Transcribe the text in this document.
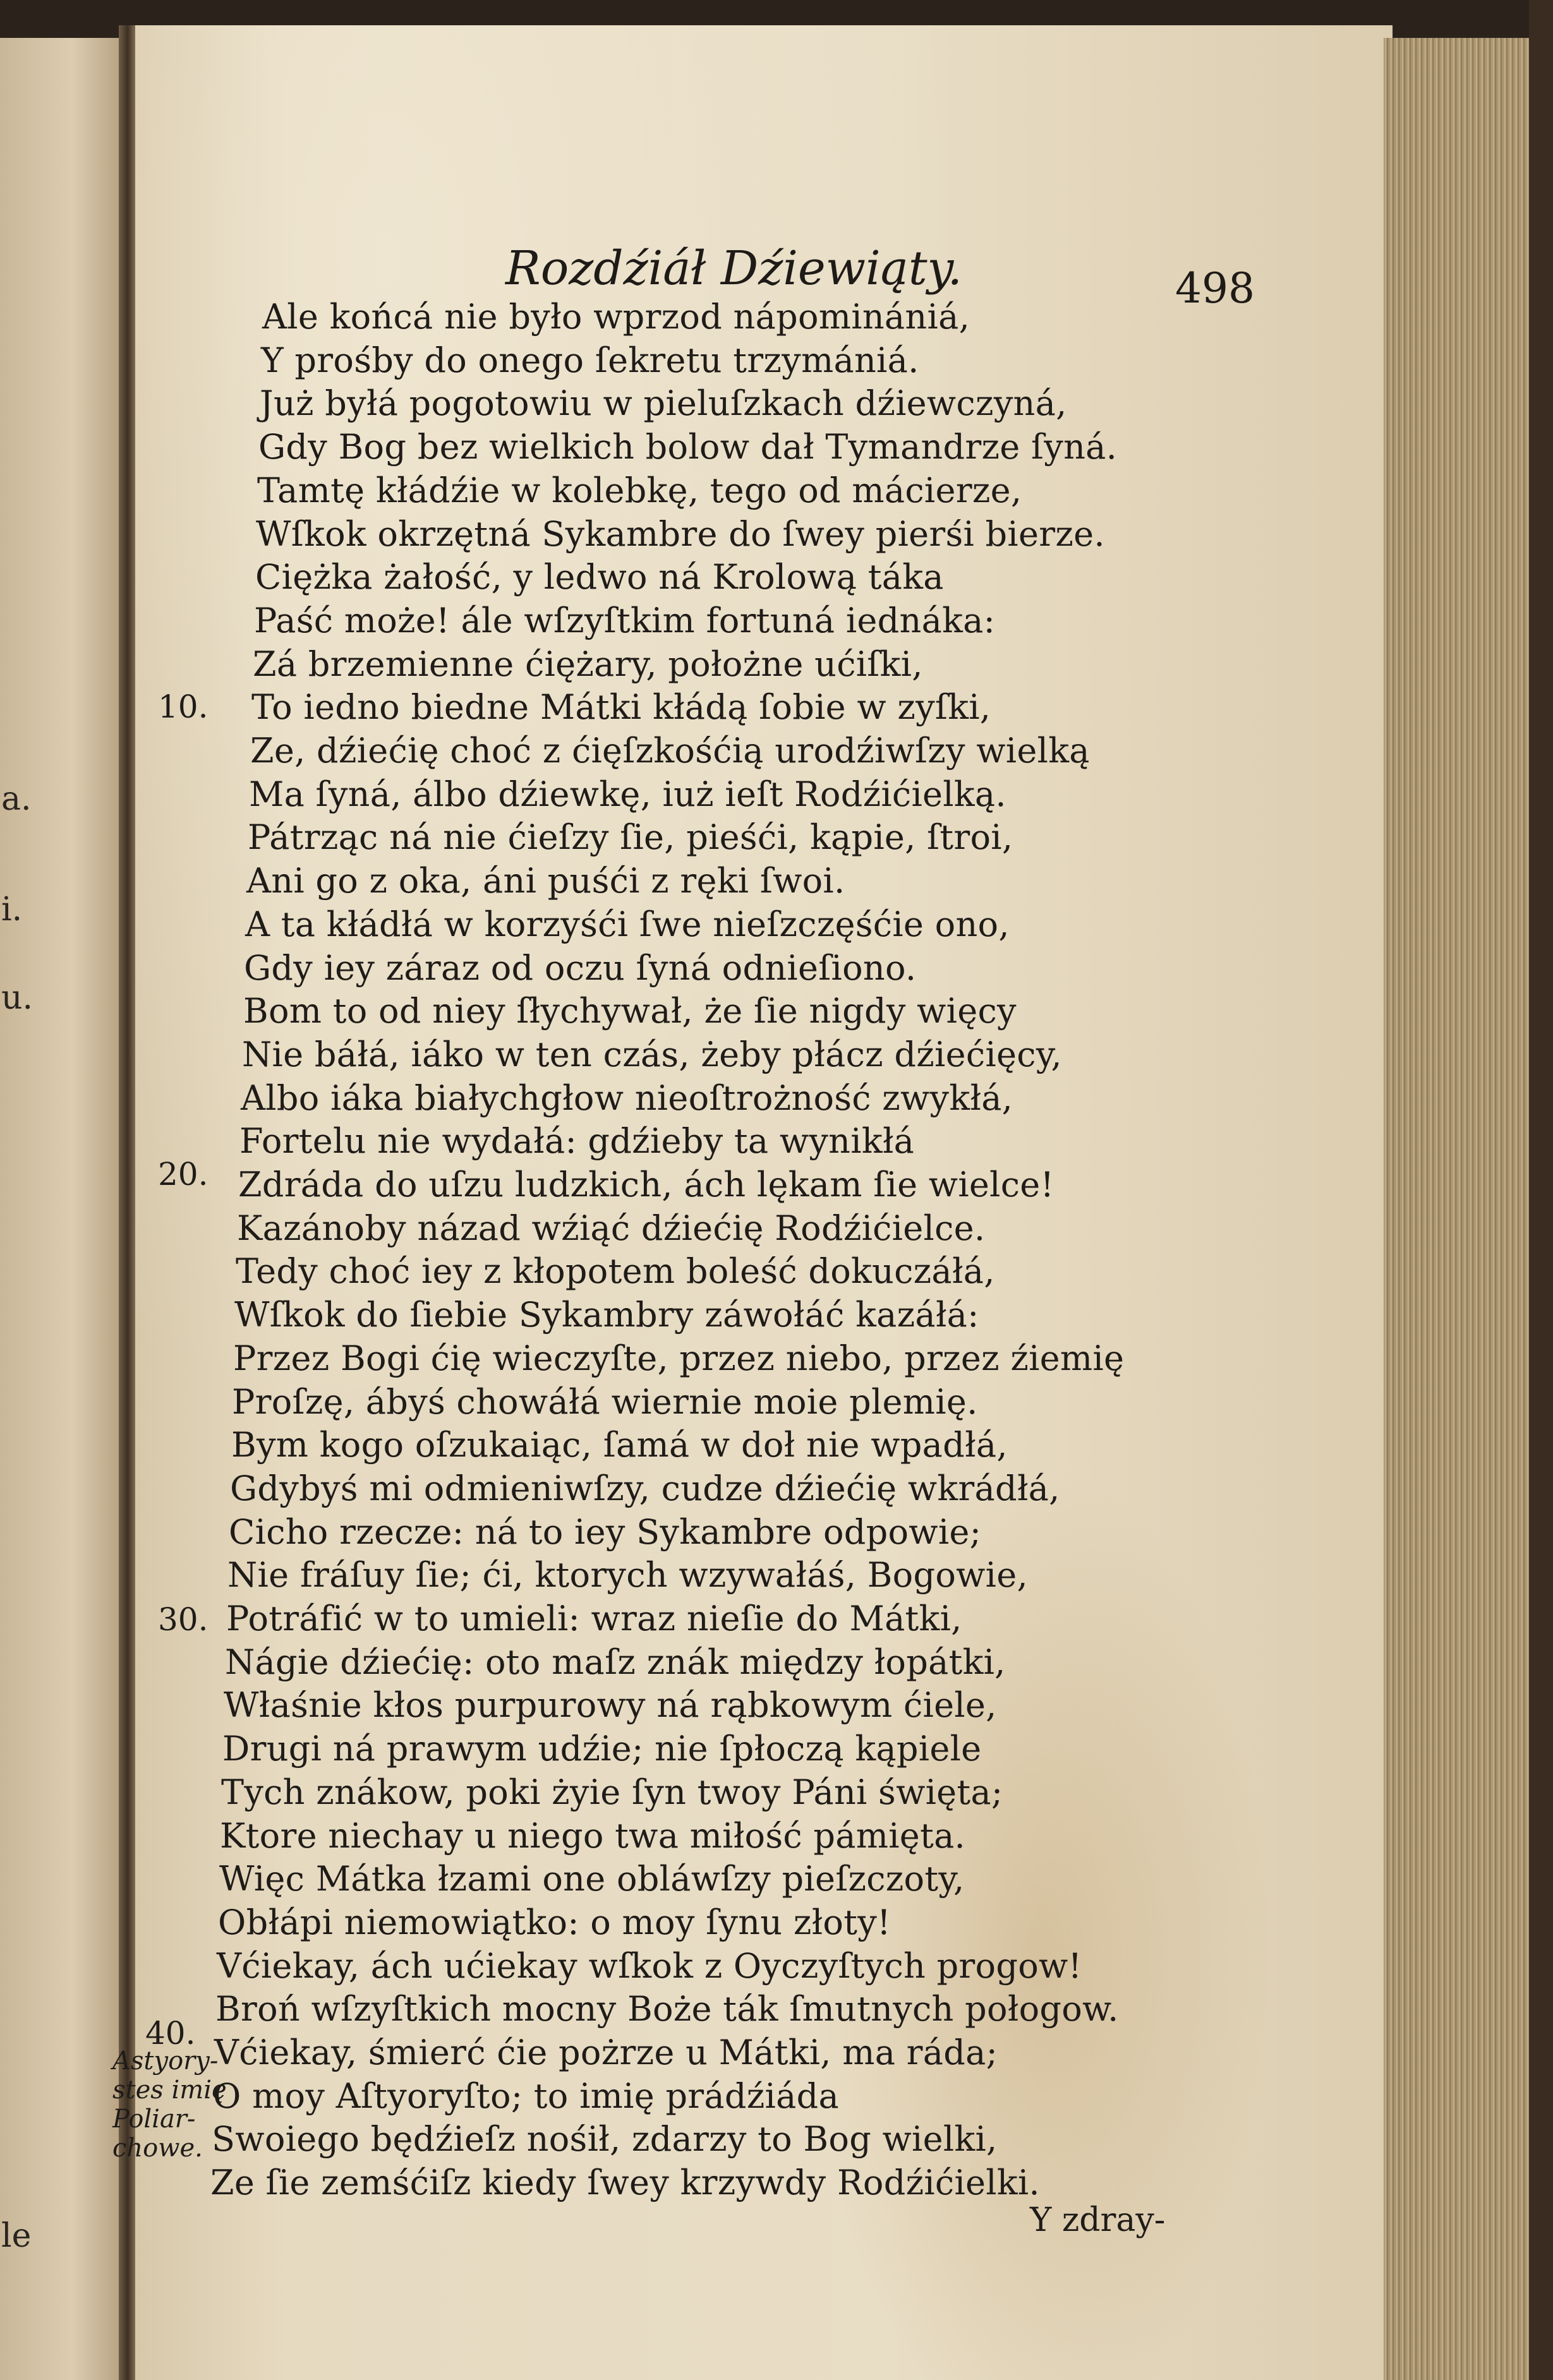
a.
i.
u.
le
Rozdźiáł Dźiewiąty.	498
Ale końcá nie było wprzod nápominániá,
Y prośby do onego ſekretu trzymániá.
Już byłá pogotowiu w pieluſzkach dźiewczyná,
Gdy Bog bez wielkich bolow dał Tymandrze ſyná.
Tamtę kłádźie w kolebkę, tego od mácierze,
Wſkok okrzętná Sykambre do ſwey pierśi bierze.
Ciężka żałość, y ledwo ná Krolową táka
Paść może! ále wſzyſtkim fortuná iednáka:
Zá brzemienne ćiężary, położne ućiſki,
To iedno biedne Mátki kłádą ſobie w zyſki,
Ze, dźiećię choć z ćięſzkośćią urodźiwſzy wielką
Ma ſyná, álbo dźiewkę, iuż ieſt Rodźićielką.
Pátrząc ná nie ćieſzy ſie, pieśći, kąpie, ſtroi,
Ani go z oka, áni puśći z ręki ſwoi.
A ta kłádłá w korzyśći ſwe nieſzczęśćie ono,
Gdy iey záraz od oczu ſyná odnieſiono.
Bom to od niey ſłychywał, że ſie nigdy więcy
Nie báłá, iáko w ten czás, żeby płácz dźiećięcy,
Albo iáka białychgłow nieoſtrożność zwykłá,
Fortelu nie wydałá: gdźieby ta wynikłá
Zdráda do uſzu ludzkich, ách lękam ſie wielce!
Kazánoby názad wźiąć dźiećię Rodźićielce.
Tedy choć iey z kłopotem boleść dokuczáłá,
Wſkok do ſiebie Sykambry záwołáć kazáłá:
Przez Bogi ćię wieczyſte, przez niebo, przez źiemię
Proſzę, ábyś chowáłá wiernie moie plemię.
Bym kogo oſzukaiąc, ſamá w doł nie wpadłá,
Gdybyś mi odmieniwſzy, cudze dźiećię wkrádłá,
Cicho rzecze: ná to iey Sykambre odpowie;
Nie fráſuy ſie; ći, ktorych wzywałáś, Bogowie,
Potráfić w to umieli: wraz nieſie do Mátki,
Nágie dźiećię: oto maſz znák między łopátki,
Właśnie kłos purpurowy ná rąbkowym ćiele,
Drugi ná prawym udźie; nie ſpłoczą kąpiele
Tych znákow, poki żyie ſyn twoy Páni święta;
Ktore niechay u niego twa miłość pámięta.
Więc Mátka łzami one obláwſzy pieſzczoty,
Obłápi niemowiątko: o moy ſynu złoty!
Vćiekay, ách ućiekay wſkok z Oyczyſtych progow!
Broń wſzyſtkich mocny Boże ták ſmutnych połogow.
Vćiekay, śmierć ćie pożrze u Mátki, ma ráda;
O moy Aſtyoryſto; to imię prádźiáda
Swoiego będźieſz nośił, zdarzy to Bog wielki,
Ze ſie zemśćiſz kiedy ſwey krzywdy Rodźićielki.
10.
20.
30.
40.
Astyory-
stes imię
Poliar-
chowe.
Y zdray-
